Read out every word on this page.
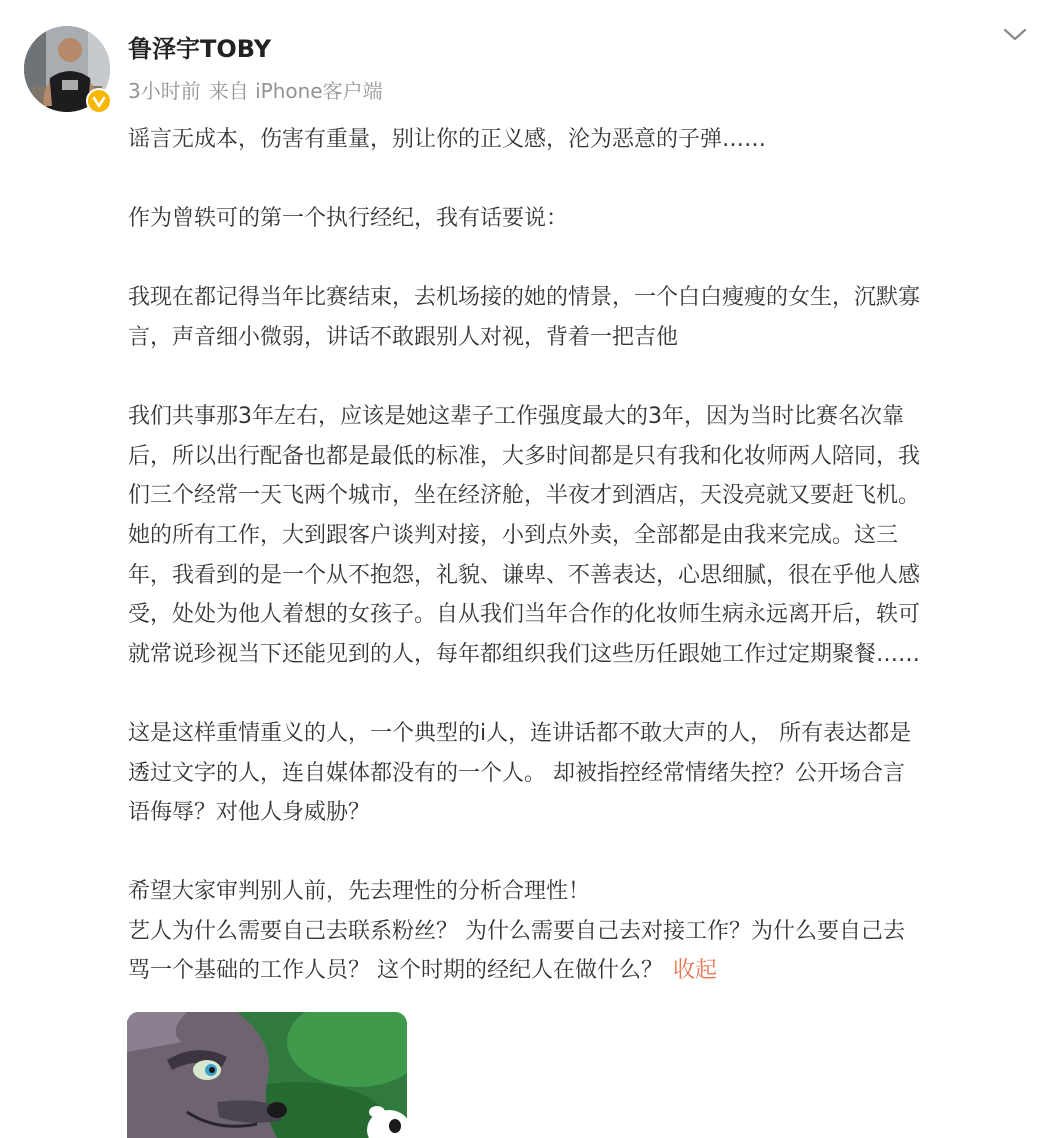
鲁泽宇TOBY
3小时前 来自 iPhone客户端

谣言无成本，伤害有重量，别让你的正义感，沦为恶意的子弹……

作为曾轶可的第一个执行经纪，我有话要说：

我现在都记得当年比赛结束，去机场接的她的情景，一个白白瘦瘦的女生，沉默寡

言，声音细小微弱，讲话不敢跟别人对视，背着一把吉他

我们共事那3年左右，应该是她这辈子工作强度最大的3年，因为当时比赛名次靠

后，所以出行配备也都是最低的标准，大多时间都是只有我和化妆师两人陪同，我

们三个经常一天飞两个城市，坐在经济舱，半夜才到酒店，天没亮就又要赶飞机。

她的所有工作，大到跟客户谈判对接，小到点外卖，全部都是由我来完成。这三

年，我看到的是一个从不抱怨，礼貌、谦卑、不善表达，心思细腻，很在乎他人感

受，处处为他人着想的女孩子。自从我们当年合作的化妆师生病永远离开后，轶可

就常说珍视当下还能见到的人，每年都组织我们这些历任跟她工作过定期聚餐……

这是这样重情重义的人，一个典型的i人，连讲话都不敢大声的人， 所有表达都是

透过文字的人，连自媒体都没有的一个人。 却被指控经常情绪失控？公开场合言

语侮辱？对他人身威胁？

希望大家审判别人前，先去理性的分析合理性！

艺人为什么需要自己去联系粉丝？ 为什么需要自己去对接工作？为什么要自己去

骂一个基础的工作人员？ 这个时期的经纪人在做什么？ 收起
